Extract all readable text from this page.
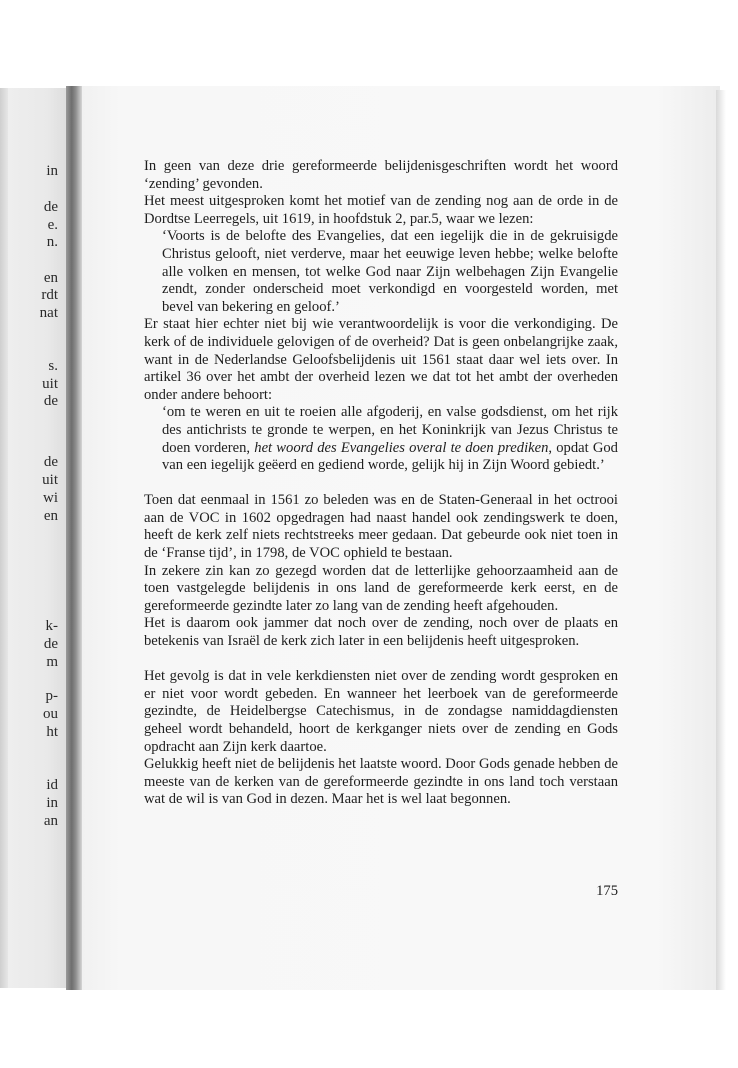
in
de
e.
n.
en
rdt
nat
s.
uit
de
de
uit
wi
en
k-
de
m
p-
ou
ht
id
in
an

In geen van deze drie gereformeerde belijdenisgeschriften wordt het woord ‘zending’ gevonden.

Het meest uitgesproken komt het motief van de zending nog aan de orde in de Dordtse Leerregels, uit 1619, in hoofdstuk 2, par.5, waar we lezen:

‘Voorts is de belofte des Evangelies, dat een iegelijk die in de gekruisigde Christus gelooft, niet verderve, maar het eeuwige leven hebbe; welke belofte alle volken en mensen, tot welke God naar Zijn welbehagen Zijn Evangelie zendt, zonder onderscheid moet verkondigd en voorgesteld worden, met bevel van bekering en geloof.’

Er staat hier echter niet bij wie verantwoordelijk is voor die verkondiging. De kerk of de individuele gelovigen of de overheid? Dat is geen onbelangrijke zaak, want in de Nederlandse Geloofsbelijdenis uit 1561 staat daar wel iets over. In artikel 36 over het ambt der overheid lezen we dat tot het ambt der overheden onder andere behoort:

‘om te weren en uit te roeien alle afgoderij, en valse godsdienst, om het rijk des antichrists te gronde te werpen, en het Koninkrijk van Jezus Christus te doen vorderen, het woord des Evangelies overal te doen prediken, opdat God van een iegelijk geëerd en gediend worde, gelijk hij in Zijn Woord gebiedt.’

Toen dat eenmaal in 1561 zo beleden was en de Staten-Generaal in het octrooi aan de VOC in 1602 opgedragen had naast handel ook zendingswerk te doen, heeft de kerk zelf niets rechtstreeks meer gedaan. Dat gebeurde ook niet toen in de ‘Franse tijd’, in 1798, de VOC ophield te bestaan.

In zekere zin kan zo gezegd worden dat de letterlijke gehoorzaamheid aan de toen vastgelegde belijdenis in ons land de gereformeerde kerk eerst, en de gereformeerde gezindte later zo lang van de zending heeft afgehouden.

Het is daarom ook jammer dat noch over de zending, noch over de plaats en betekenis van Israël de kerk zich later in een belijdenis heeft uitgesproken.

Het gevolg is dat in vele kerkdiensten niet over de zending wordt gesproken en er niet voor wordt gebeden. En wanneer het leerboek van de gereformeerde gezindte, de Heidelbergse Catechismus, in de zondagse namiddagdiensten geheel wordt behandeld, hoort de kerkganger niets over de zending en Gods opdracht aan Zijn kerk daartoe.

Gelukkig heeft niet de belijdenis het laatste woord. Door Gods genade hebben de meeste van de kerken van de gereformeerde gezindte in ons land toch verstaan wat de wil is van God in dezen. Maar het is wel laat begonnen.

175
